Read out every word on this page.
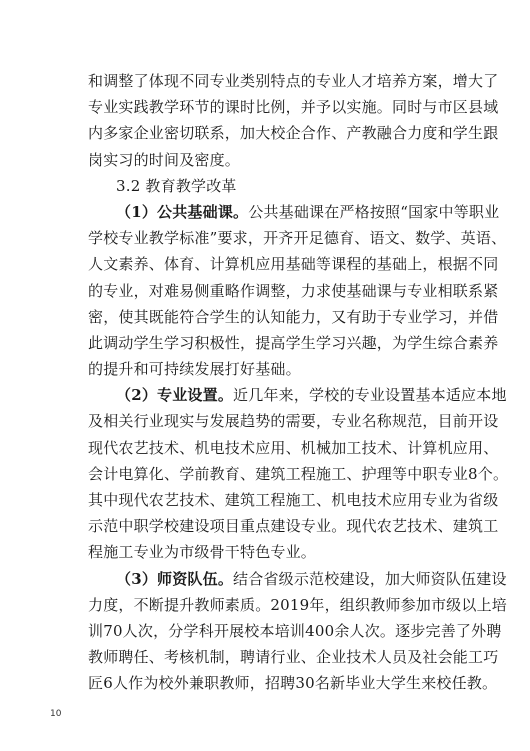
和调整了体现不同专业类别特点的专业人才培养方案，增大了
专业实践教学环节的课时比例，并予以实施。同时与市区县域
内多家企业密切联系，加大校企合作、产教融合力度和学生跟
岗实习的时间及密度。
3.2 教育教学改革
（1）公共基础课。公共基础课在严格按照“国家中等职业
学校专业教学标准”要求，开齐开足德育、语文、数学、英语、
人文素养、体育、计算机应用基础等课程的基础上，根据不同
的专业，对难易侧重略作调整，力求使基础课与专业相联系紧
密，使其既能符合学生的认知能力，又有助于专业学习，并借
此调动学生学习积极性，提高学生学习兴趣，为学生综合素养
的提升和可持续发展打好基础。
（2）专业设置。近几年来，学校的专业设置基本适应本地
及相关行业现实与发展趋势的需要，专业名称规范，目前开设
现代农艺技术、机电技术应用、机械加工技术、计算机应用、
会计电算化、学前教育、建筑工程施工、护理等中职专业8个。
其中现代农艺技术、建筑工程施工、机电技术应用专业为省级
示范中职学校建设项目重点建设专业。现代农艺技术、建筑工
程施工专业为市级骨干特色专业。
（3）师资队伍。结合省级示范校建设，加大师资队伍建设
力度，不断提升教师素质。2019年，组织教师参加市级以上培
训70人次，分学科开展校本培训400余人次。逐步完善了外聘
教师聘任、考核机制，聘请行业、企业技术人员及社会能工巧
匠6人作为校外兼职教师，招聘30名新毕业大学生来校任教。
10
